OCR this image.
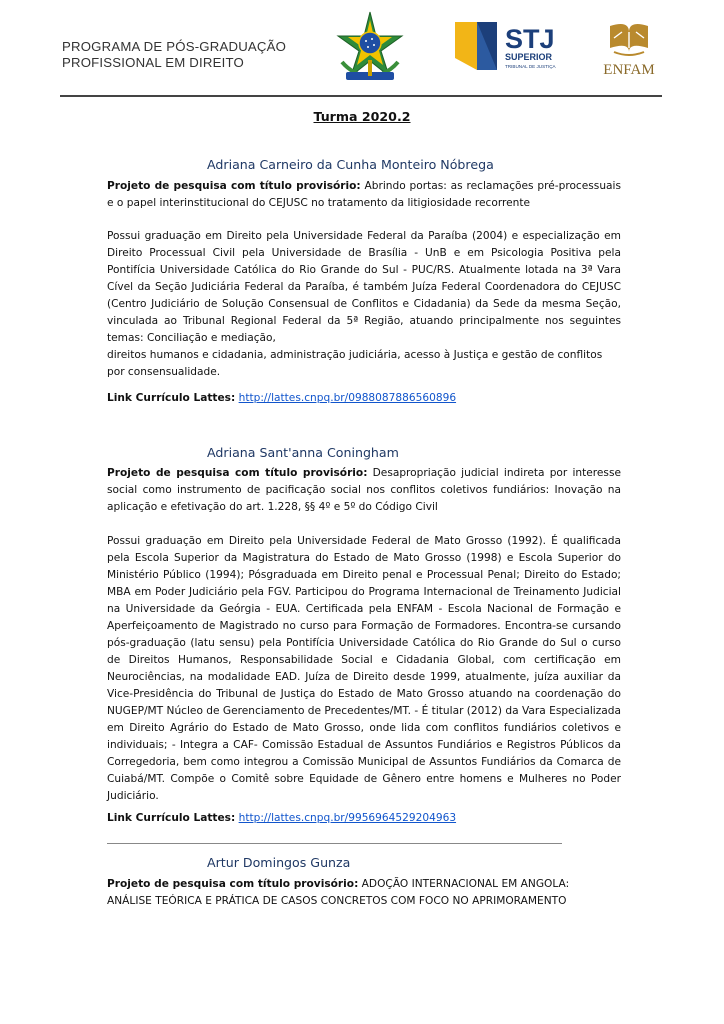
PROGRAMA DE PÓS-GRADUAÇÃO
PROFISSIONAL EM DIREITO
STJ
SUPERIOR
TRIBUNAL DE JUSTIÇA	ENFAM
Turma 2020.2
Adriana Carneiro da Cunha Monteiro Nóbrega
Projeto de pesquisa com título provisório: Abrindo portas: as reclamações pré-processuais e o papel interinstitucional do CEJUSC no tratamento da litigiosidade recorrente
Possui graduação em Direito pela Universidade Federal da Paraíba (2004) e especialização em Direito Processual Civil pela Universidade de Brasília - UnB e em Psicologia Positiva pela Pontifícia Universidade Católica do Rio Grande do Sul - PUC/RS. Atualmente lotada na 3ª Vara Cível da Seção Judiciária Federal da Paraíba, é também Juíza Federal Coordenadora do CEJUSC (Centro Judiciário de Solução Consensual de Conflitos e Cidadania) da Sede da mesma Seção, vinculada ao Tribunal Regional Federal da 5ª Região, atuando principalmente nos seguintes temas: Conciliação e mediação,
direitos humanos e cidadania, administração judiciária, acesso à Justiça e gestão de conflitos por consensualidade.
Link Currículo Lattes: http://lattes.cnpq.br/0988087886560896
Adriana Sant'anna Coningham
Projeto de pesquisa com título provisório: Desapropriação judicial indireta por interesse social como instrumento de pacificação social nos conflitos coletivos fundiários: Inovação na aplicação e efetivação do art. 1.228, §§ 4º e 5º do Código Civil
Possui graduação em Direito pela Universidade Federal de Mato Grosso (1992). É qualificada pela Escola Superior da Magistratura do Estado de Mato Grosso (1998) e Escola Superior do Ministério Público (1994); Pósgraduada em Direito penal e Processual Penal; Direito do Estado; MBA em Poder Judiciário pela FGV. Participou do Programa Internacional de Treinamento Judicial na Universidade da Geórgia - EUA. Certificada pela ENFAM - Escola Nacional de Formação e Aperfeiçoamento de Magistrado no curso para Formação de Formadores. Encontra-se cursando pós-graduação (latu sensu) pela Pontifícia Universidade Católica do Rio Grande do Sul o curso de Direitos Humanos, Responsabilidade Social e Cidadania Global, com certificação em Neurociências, na modalidade EAD. Juíza de Direito desde 1999, atualmente, juíza auxiliar da Vice-Presidência do Tribunal de Justiça do Estado de Mato Grosso atuando na coordenação do NUGEP/MT Núcleo de Gerenciamento de Precedentes/MT. - É titular (2012) da Vara Especializada em Direito Agrário do Estado de Mato Grosso, onde lida com conflitos fundiários coletivos e individuais; - Integra a CAF- Comissão Estadual de Assuntos Fundiários e Registros Públicos da Corregedoria, bem como integrou a Comissão Municipal de Assuntos Fundiários da Comarca de Cuiabá/MT. Compõe o Comitê sobre Equidade de Gênero entre homens e Mulheres no Poder Judiciário.
Link Currículo Lattes: http://lattes.cnpq.br/9956964529204963
Artur Domingos Gunza
Projeto de pesquisa com título provisório: ADOÇÃO INTERNACIONAL EM ANGOLA: ANÁLISE TEÓRICA E PRÁTICA DE CASOS CONCRETOS COM FOCO NO APRIMORAMENTO
